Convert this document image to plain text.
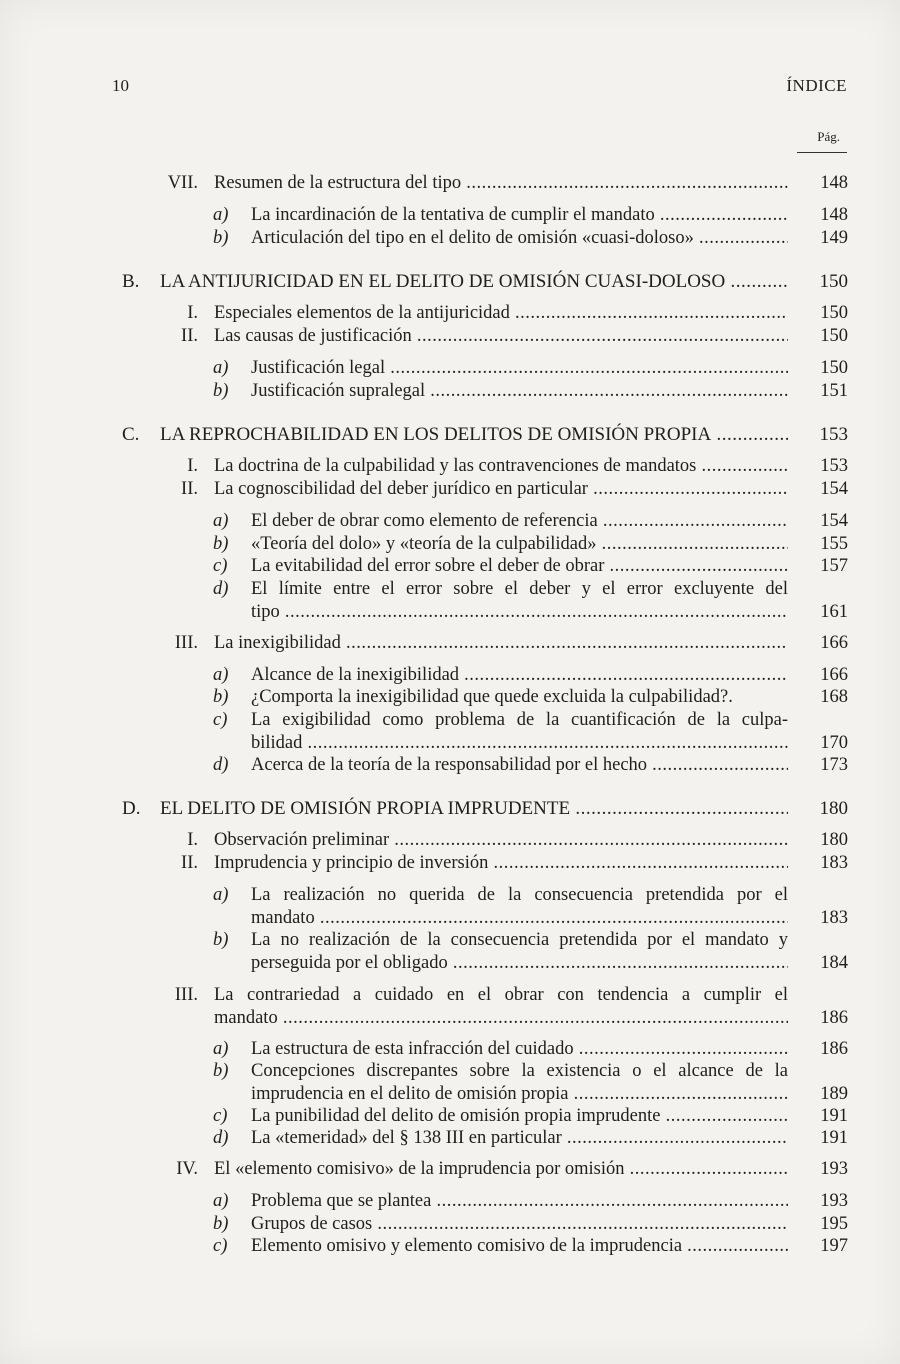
10	ÍNDICE
Pág.
VII. Resumen de la estructura del tipo .....	148
a) La incardinación de la tentativa de cumplir el mandato .....	148
b) Articulación del tipo en el delito de omisión «cuasi-doloso» .....	149
B. LA ANTIJURICIDAD EN EL DELITO DE OMISIÓN CUASI-DOLOSO .....	150
I. Especiales elementos de la antijuricidad .....	150
II. Las causas de justificación .....	150
a) Justificación legal .....	150
b) Justificación supralegal .....	151
C. LA REPROCHABILIDAD EN LOS DELITOS DE OMISIÓN PROPIA .....	153
I. La doctrina de la culpabilidad y las contravenciones de mandatos .....	153
II. La cognoscibilidad del deber jurídico en particular .....	154
a) El deber de obrar como elemento de referencia .....	154
b) «Teoría del dolo» y «teoría de la culpabilidad» .....	155
c) La evitabilidad del error sobre el deber de obrar .....	157
d) El límite entre el error sobre el deber y el error excluyente del
tipo .....	161
III. La inexigibilidad .....	166
a) Alcance de la inexigibilidad .....	166
b) ¿Comporta la inexigibilidad que quede excluida la culpabilidad?.	168
c) La exigibilidad como problema de la cuantificación de la culpa-
bilidad .....	170
d) Acerca de la teoría de la responsabilidad por el hecho .....	173
D. EL DELITO DE OMISIÓN PROPIA IMPRUDENTE .....	180
I. Observación preliminar .....	180
II. Imprudencia y principio de inversión .....	183
a) La realización no querida de la consecuencia pretendida por el
mandato .....	183
b) La no realización de la consecuencia pretendida por el mandato y
perseguida por el obligado .....	184
III. La contrariedad a cuidado en el obrar con tendencia a cumplir el
mandato .....	186
a) La estructura de esta infracción del cuidado .....	186
b) Concepciones discrepantes sobre la existencia o el alcance de la
imprudencia en el delito de omisión propia .....	189
c) La punibilidad del delito de omisión propia imprudente .....	191
d) La «temeridad» del § 138 III en particular .....	191
IV. El «elemento comisivo» de la imprudencia por omisión .....	193
a) Problema que se plantea .....	193
b) Grupos de casos .....	195
c) Elemento omisivo y elemento comisivo de la imprudencia .....	197
